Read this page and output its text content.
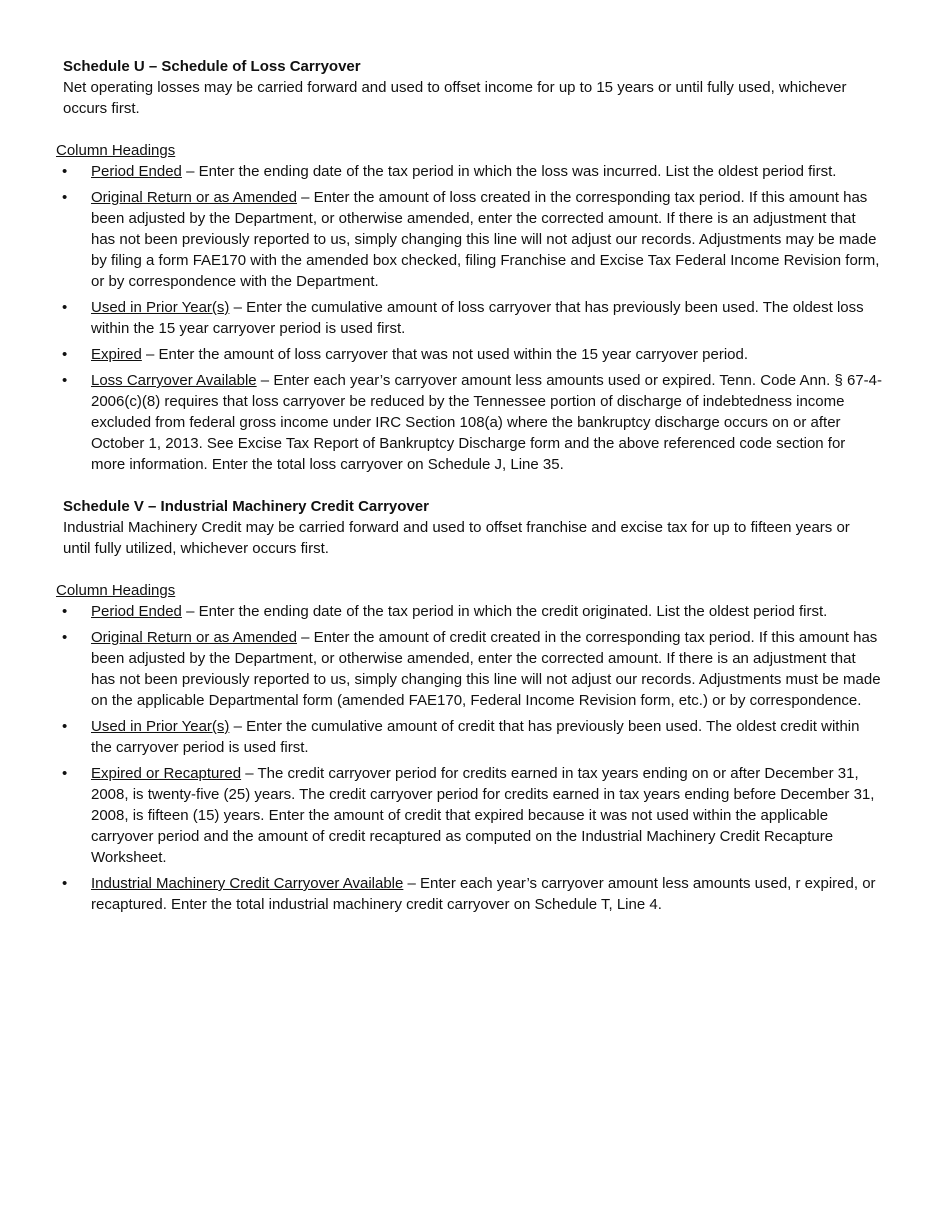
Schedule U – Schedule of Loss Carryover

Net operating losses may be carried forward and used to offset income for up to 15 years or until fully used, whichever occurs first.

Column Headings

• Period Ended – Enter the ending date of the tax period in which the loss was incurred. List the oldest period first.
• Original Return or as Amended – Enter the amount of loss created in the corresponding tax period. If this amount has been adjusted by the Department, or otherwise amended, enter the corrected amount. If there is an adjustment that has not been previously reported to us, simply changing this line will not adjust our records. Adjustments may be made by filing a form FAE170 with the amended box checked, filing Franchise and Excise Tax Federal Income Revision form, or by correspondence with the Department.
• Used in Prior Year(s) – Enter the cumulative amount of loss carryover that has previously been used. The oldest loss within the 15 year carryover period is used first.
• Expired – Enter the amount of loss carryover that was not used within the 15 year carryover period.
• Loss Carryover Available – Enter each year’s carryover amount less amounts used or expired. Tenn. Code Ann. § 67-4-2006(c)(8) requires that loss carryover be reduced by the Tennessee portion of discharge of indebtedness income excluded from federal gross income under IRC Section 108(a) where the bankruptcy discharge occurs on or after October 1, 2013. See Excise Tax Report of Bankruptcy Discharge form and the above referenced code section for more information. Enter the total loss carryover on Schedule J, Line 35.

Schedule V – Industrial Machinery Credit Carryover

Industrial Machinery Credit may be carried forward and used to offset franchise and excise tax for up to fifteen years or until fully utilized, whichever occurs first.

Column Headings

• Period Ended – Enter the ending date of the tax period in which the credit originated. List the oldest period first.
• Original Return or as Amended – Enter the amount of credit created in the corresponding tax period. If this amount has been adjusted by the Department, or otherwise amended, enter the corrected amount. If there is an adjustment that has not been previously reported to us, simply changing this line will not adjust our records. Adjustments must be made on the applicable Departmental form (amended FAE170, Federal Income Revision form, etc.) or by correspondence.
• Used in Prior Year(s) – Enter the cumulative amount of credit that has previously been used. The oldest credit within the carryover period is used first.
• Expired or Recaptured – The credit carryover period for credits earned in tax years ending on or after December 31, 2008, is twenty-five (25) years. The credit carryover period for credits earned in tax years ending before December 31, 2008, is fifteen (15) years. Enter the amount of credit that expired because it was not used within the applicable carryover period and the amount of credit recaptured as computed on the Industrial Machinery Credit Recapture Worksheet.
• Industrial Machinery Credit Carryover Available – Enter each year’s carryover amount less amounts used, r expired, or recaptured. Enter the total industrial machinery credit carryover on Schedule T, Line 4.
